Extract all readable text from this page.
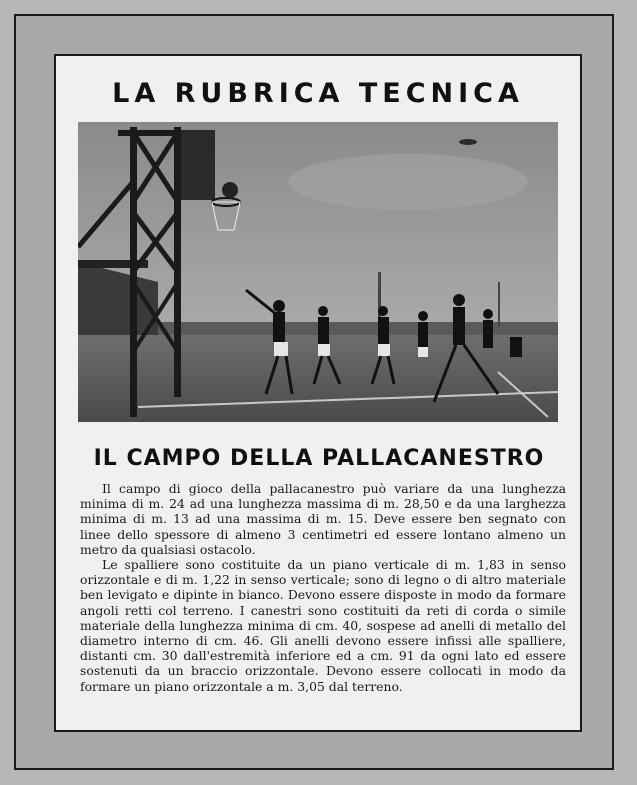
LA RUBRICA TECNICA
IL CAMPO DELLA PALLACANESTRO

Il campo di gioco della pallacanestro può variare da una lunghezza minima di m. 24 ad una lunghezza massima di m. 28,50 e da una larghezza minima di m. 13 ad una massima di m. 15. Deve essere ben segnato con linee dello spessore di almeno 3 centimetri ed essere lontano almeno un metro da qualsiasi ostacolo.

Le spalliere sono costituite da un piano verticale di m. 1,83 in senso orizzontale e di m. 1,22 in senso verticale; sono di legno o di altro materiale ben levigato e dipinte in bianco. Devono essere disposte in modo da formare angoli retti col terreno. I canestri sono costituiti da reti di corda o simile materiale della lunghezza minima di cm. 40, sospese ad anelli di metallo del diametro interno di cm. 46. Gli anelli devono essere infissi alle spalliere, distanti cm. 30 dall'estremità inferiore ed a cm. 91 da ogni lato ed essere sostenuti da un braccio orizzontale. Devono essere collocati in modo da formare un piano orizzontale a m. 3,05 dal terreno.
